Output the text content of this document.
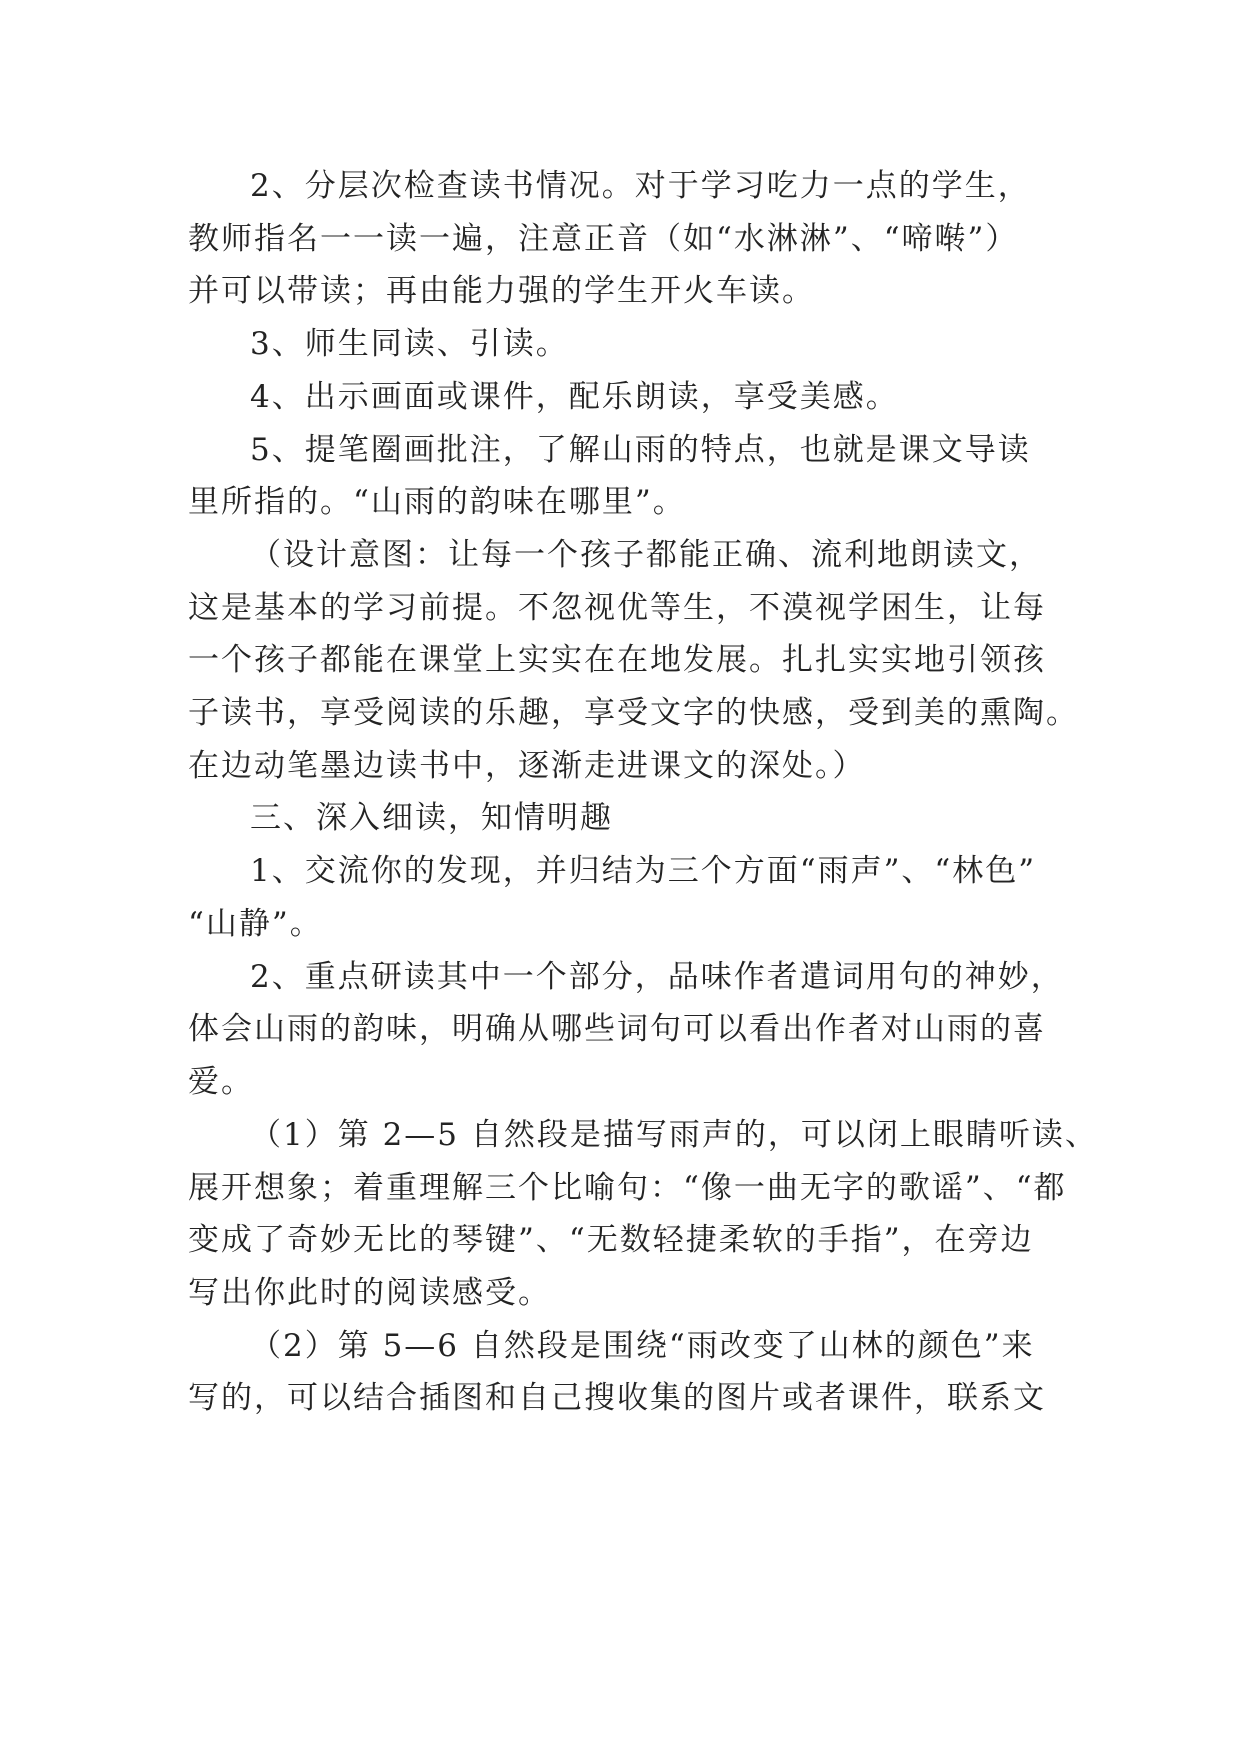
2、分层次检查读书情况。对于学习吃力一点的学生，
教师指名一一读一遍，注意正音（如“水淋淋”、“啼啭”）
并可以带读；再由能力强的学生开火车读。
3、师生同读、引读。
4、出示画面或课件，配乐朗读，享受美感。
5、提笔圈画批注，了解山雨的特点，也就是课文导读
里所指的。“山雨的韵味在哪里”。
（设计意图：让每一个孩子都能正确、流利地朗读文，
这是基本的学习前提。不忽视优等生，不漠视学困生，让每
一个孩子都能在课堂上实实在在地发展。扎扎实实地引领孩
子读书，享受阅读的乐趣，享受文字的快感，受到美的熏陶。
在边动笔墨边读书中，逐渐走进课文的深处。）
三、深入细读，知情明趣
1、交流你的发现，并归结为三个方面“雨声”、“林色”
“山静”。
2、重点研读其中一个部分，品味作者遣词用句的神妙，
体会山雨的韵味，明确从哪些词句可以看出作者对山雨的喜
爱。
（1）第 2—5 自然段是描写雨声的，可以闭上眼睛听读、
展开想象；着重理解三个比喻句：“像一曲无字的歌谣”、“都
变成了奇妙无比的琴键”、“无数轻捷柔软的手指”，在旁边
写出你此时的阅读感受。
（2）第 5—6 自然段是围绕“雨改变了山林的颜色”来
写的，可以结合插图和自己搜收集的图片或者课件，联系文
